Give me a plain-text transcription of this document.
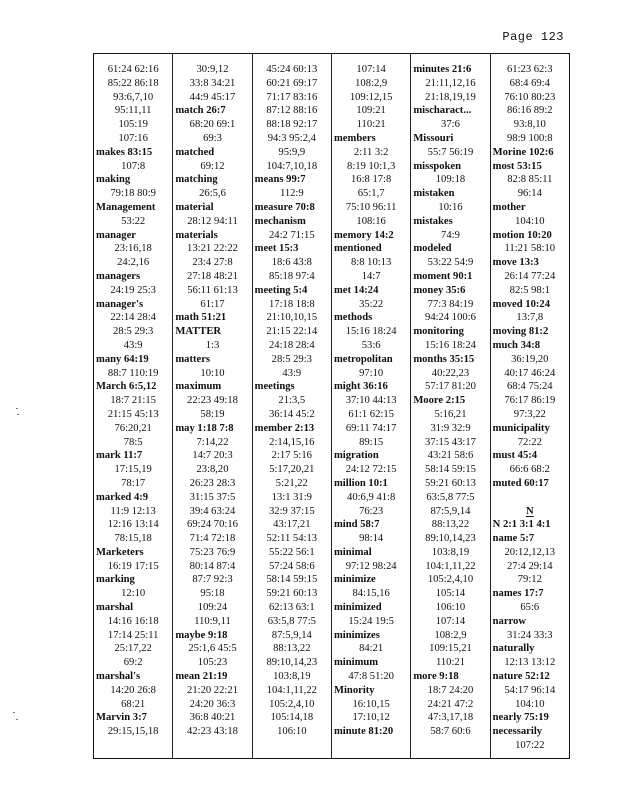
Page 123
61:24 62:16
85:22 86:18
93:6,7,10
95:11,11
105:19
107:16
makes 83:15
107:8
making
79:18 80:9
Management
53:22
manager
23:16,18
24:2,16
managers
24:19 25:3
manager's
22:14 28:4
28:5 29:3
43:9
many 64:19
88:7 110:19
March 6:5,12
18:7 21:15
21:15 45:13
76:20,21
78:5
mark 11:7
17:15,19
78:17
marked 4:9
11:9 12:13
12:16 13:14
78:15,18
Marketers
16:19 17:15
marking
12:10
marshal
14:16 16:18
17:14 25:11
25:17,22
69:2
marshal's
14:20 26:8
68:21
Marvin 3:7
29:15,15,18
30:9,12
33:8 34:21
44:9 45:17
match 26:7
68:20 69:1
69:3
matched
69:12
matching
26:5,6
material
28:12 94:11
materials
13:21 22:22
23:4 27:8
27:18 48:21
56:11 61:13
61:17
math 51:21
MATTER
1:3
matters
10:10
maximum
22:23 49:18
58:19
may 1:18 7:8
7:14,22
14:7 20:3
23:8,20
26:23 28:3
31:15 37:5
39:4 63:24
69:24 70:16
71:4 72:18
75:23 76:9
80:14 87:4
87:7 92:3
95:18
109:24
110:9,11
maybe 9:18
25:1,6 45:5
105:23
mean 21:19
21:20 22:21
24:20 36:3
36:8 40:21
42:23 43:18
45:24 60:13
60:21 69:17
71:17 83:16
87:12 88:16
88:18 92:17
94:3 95:2,4
95:9,9
104:7,10,18
means 99:7
112:9
measure 70:8
mechanism
24:2 71:15
meet 15:3
18:6 43:8
85:18 97:4
meeting 5:4
17:18 18:8
21:10,10,15
21:15 22:14
24:18 28:4
28:5 29:3
43:9
meetings
21:3,5
36:14 45:2
member 2:13
2:14,15,16
2:17 5:16
5:17,20,21
5:21,22
13:1 31:9
32:9 37:15
43:17,21
52:11 54:13
55:22 56:1
57:24 58:6
58:14 59:15
59:21 60:13
62:13 63:1
63:5,8 77:5
87:5,9,14
88:13,22
89:10,14,23
103:8,19
104:1,11,22
105:2,4,10
105:14,18
106:10
107:14
108:2,9
109:12,15
109:21
110:21
members
2:11 3:2
8:19 10:1,3
16:8 17:8
65:1,7
75:10 96:11
108:16
memory 14:2
mentioned
8:8 10:13
14:7
met 14:24
35:22
methods
15:16 18:24
53:6
metropolitan
97:10
might 36:16
37:10 44:13
61:1 62:15
69:11 74:17
89:15
migration
24:12 72:15
million 10:1
40:6,9 41:8
76:23
mind 58:7
98:14
minimal
97:12 98:24
minimize
84:15,16
minimized
15:24 19:5
minimizes
84:21
minimum
47:8 51:20
Minority
16:10,15
17:10,12
minute 81:20
minutes 21:6
21:11,12,16
21:18,19,19
mischaract...
37:6
Missouri
55:7 56:19
misspoken
109:18
mistaken
10:16
mistakes
74:9
modeled
53:22 54:9
moment 90:1
money 35:6
77:3 84:19
94:24 100:6
monitoring
15:16 18:24
months 35:15
40:22,23
57:17 81:20
Moore 2:15
5:16,21
31:9 32:9
37:15 43:17
43:21 58:6
58:14 59:15
59:21 60:13
63:5,8 77:5
87:5,9,14
88:13,22
89:10,14,23
103:8,19
104:1,11,22
105:2,4,10
105:14
106:10
107:14
108:2,9
109:15,21
110:21
more 9:18
18:7 24:20
24:21 47:2
47:3,17,18
58:7 60:6
61:23 62:3
68:4 69:4
76:10 80:23
86:16 89:2
93:8,10
98:9 100:8
Morine 102:6
most 53:15
82:8 85:11
96:14
mother
104:10
motion 10:20
11:21 58:10
move 13:3
26:14 77:24
82:5 98:1
moved 10:24
13:7,8
moving 81:2
much 34:8
36:19,20
40:17 46:24
68:4 75:24
76:17 86:19
97:3,22
municipality
72:22
must 45:4
66:6 68:2
muted 60:17
N
N 2:1 3:1 4:1
name 5:7
20:12,12,13
27:4 29:14
79:12
names 17:7
65:6
narrow
31:24 33:3
naturally
12:13 13:12
nature 52:12
54:17 96:14
104:10
nearly 75:19
necessarily
107:22
